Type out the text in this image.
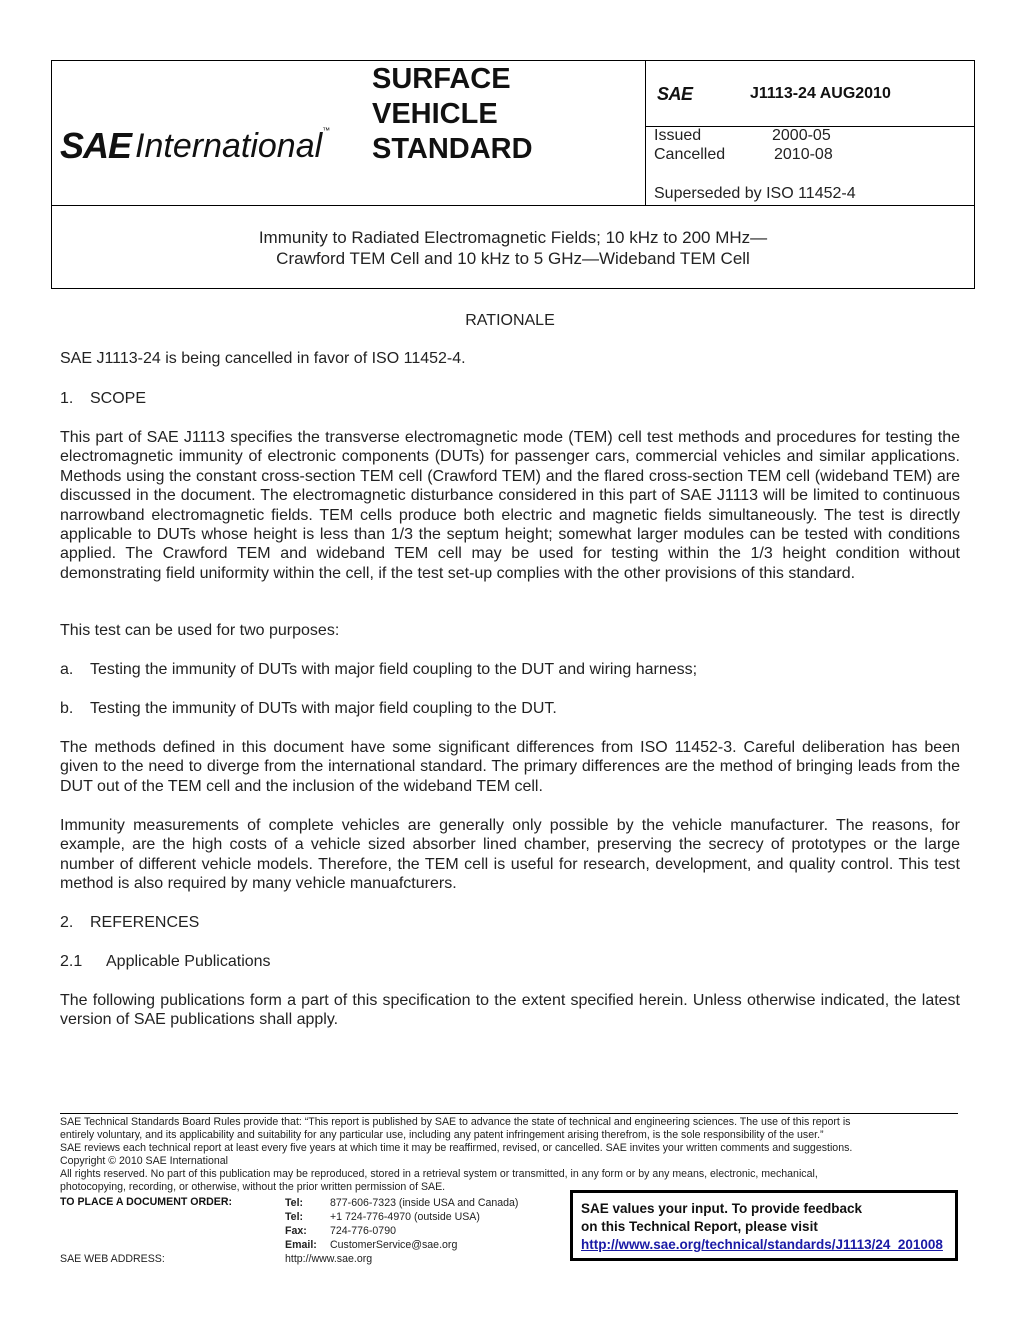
SAE International ™
SURFACE
VEHICLE
STANDARD
SAE	J1113-24 AUG2010
Issued	2000-05
Cancelled	2010-08
Superseded by ISO 11452-4
Immunity to Radiated Electromagnetic Fields; 10 kHz to 200 MHz—
Crawford TEM Cell and 10 kHz to 5 GHz—Wideband TEM Cell
RATIONALE
SAE J1113-24 is being cancelled in favor of ISO 11452-4.
1. SCOPE
This part of SAE J1113 specifies the transverse electromagnetic mode (TEM) cell test methods and procedures for testing the electromagnetic immunity of electronic components (DUTs) for passenger cars, commercial vehicles and similar applications. Methods using the constant cross-section TEM cell (Crawford TEM) and the flared cross-section TEM cell (wideband TEM) are discussed in the document. The electromagnetic disturbance considered in this part of SAE J1113 will be limited to continuous narrowband electromagnetic fields. TEM cells produce both electric and magnetic fields simultaneously. The test is directly applicable to DUTs whose height is less than 1/3 the septum height; somewhat larger modules can be tested with conditions applied. The Crawford TEM and wideband TEM cell may be used for testing within the 1/3 height condition without demonstrating field uniformity within the cell, if the test set-up complies with the other provisions of this standard.
This test can be used for two purposes:
a. Testing the immunity of DUTs with major field coupling to the DUT and wiring harness;
b. Testing the immunity of DUTs with major field coupling to the DUT.
The methods defined in this document have some significant differences from ISO 11452-3. Careful deliberation has been given to the need to diverge from the international standard. The primary differences are the method of bringing leads from the DUT out of the TEM cell and the inclusion of the wideband TEM cell.
Immunity measurements of complete vehicles are generally only possible by the vehicle manufacturer. The reasons, for example, are the high costs of a vehicle sized absorber lined chamber, preserving the secrecy of prototypes or the large number of different vehicle models. Therefore, the TEM cell is useful for research, development, and quality control. This test method is also required by many vehicle manuafcturers.
2. REFERENCES
2.1 Applicable Publications
The following publications form a part of this specification to the extent specified herein. Unless otherwise indicated, the latest version of SAE publications shall apply.
SAE Technical Standards Board Rules provide that: “This report is published by SAE to advance the state of technical and engineering sciences. The use of this report is
entirely voluntary, and its applicability and suitability for any particular use, including any patent infringement arising therefrom, is the sole responsibility of the user.”
SAE reviews each technical report at least every five years at which time it may be reaffirmed, revised, or cancelled. SAE invites your written comments and suggestions.
Copyright © 2010 SAE International
All rights reserved. No part of this publication may be reproduced, stored in a retrieval system or transmitted, in any form or by any means, electronic, mechanical,
photocopying, recording, or otherwise, without the prior written permission of SAE.
TO PLACE A DOCUMENT ORDER:	Tel:	877-606-7323 (inside USA and Canada)
Tel:	+1 724-776-4970 (outside USA)
Fax: 724-776-0790
Email: CustomerService@sae.org
SAE WEB ADDRESS:	http://www.sae.org
SAE values your input. To provide feedback
on this Technical Report, please visit
http://www.sae.org/technical/standards/J1113/24_201008
